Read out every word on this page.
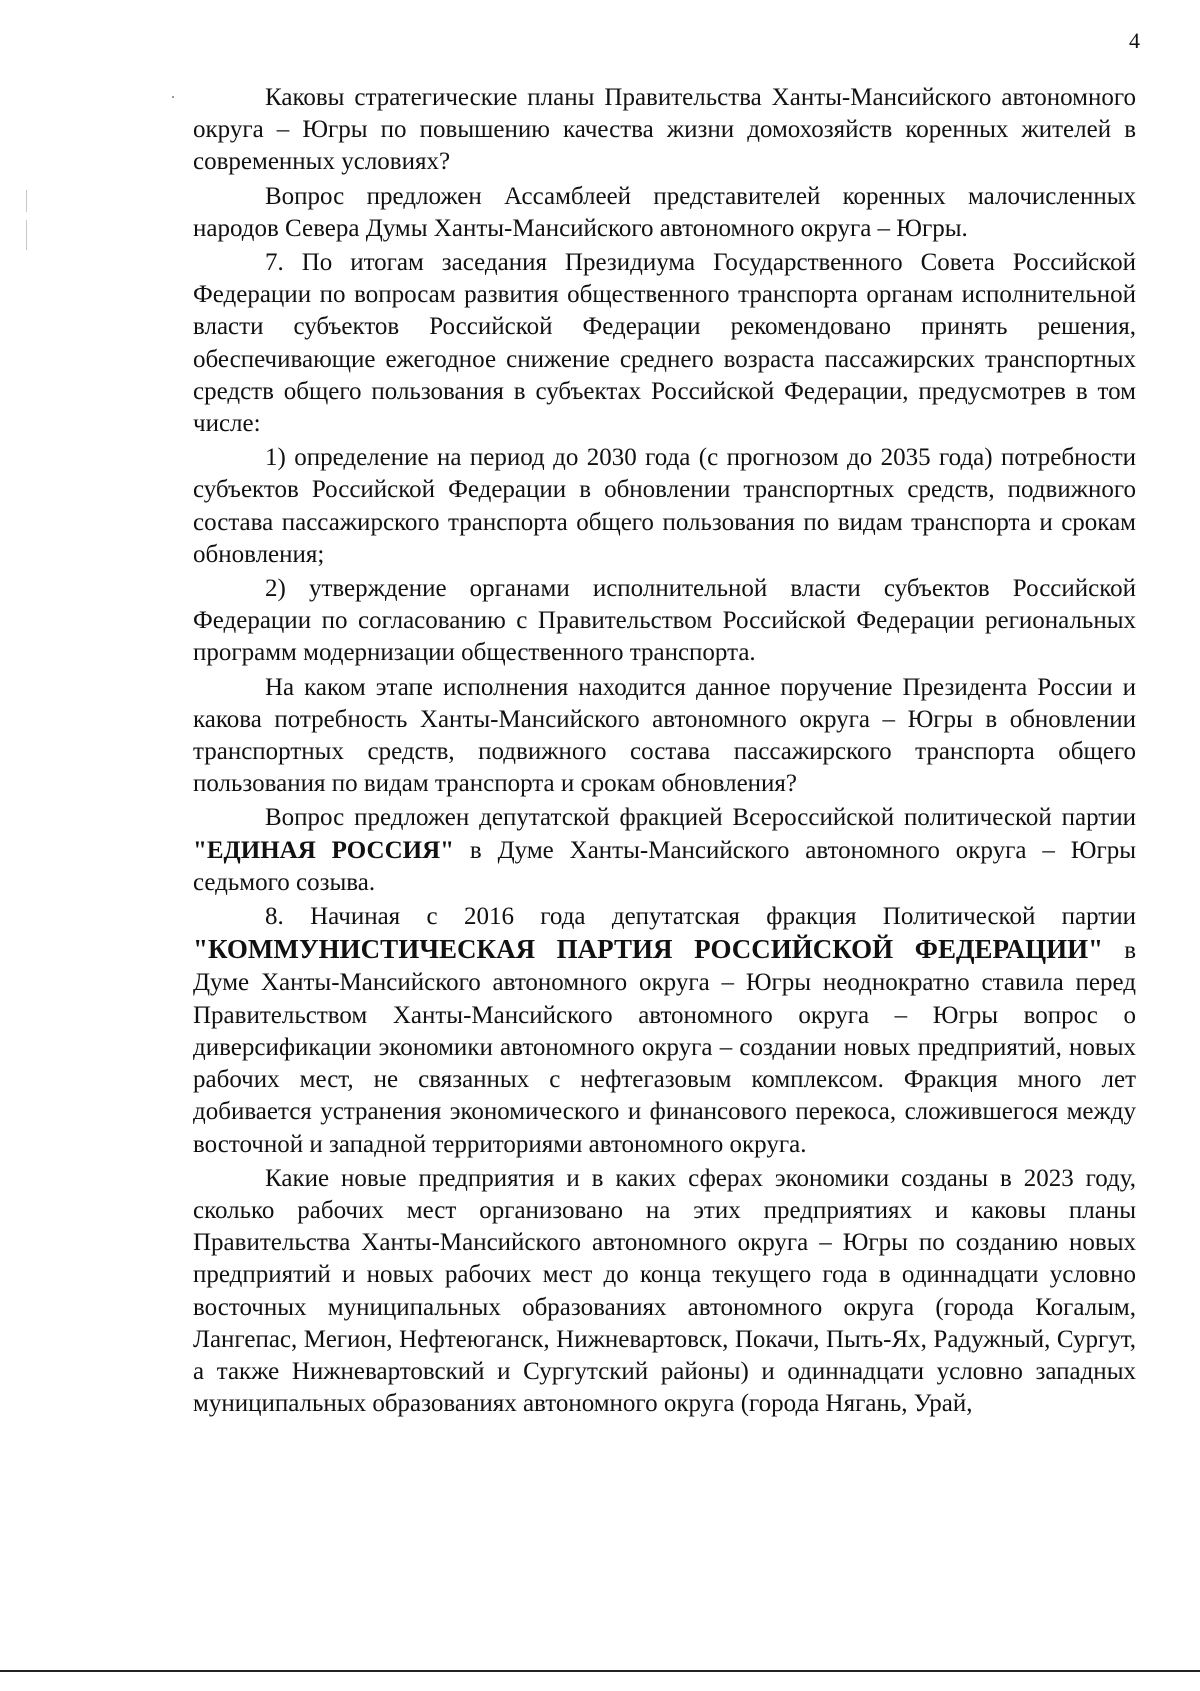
4

Каковы стратегические планы Правительства Ханты-Мансийского автономного округа – Югры по повышению качества жизни домохозяйств коренных жителей в современных условиях?

Вопрос предложен Ассамблеей представителей коренных малочисленных народов Севера Думы Ханты-Мансийского автономного округа – Югры.

7. По итогам заседания Президиума Государственного Совета Российской Федерации по вопросам развития общественного транспорта органам исполнительной власти субъектов Российской Федерации рекомендовано принять решения, обеспечивающие ежегодное снижение среднего возраста пассажирских транспортных средств общего пользования в субъектах Российской Федерации, предусмотрев в том числе:

1) определение на период до 2030 года (с прогнозом до 2035 года) потребности субъектов Российской Федерации в обновлении транспортных средств, подвижного состава пассажирского транспорта общего пользования по видам транспорта и срокам обновления;

2) утверждение органами исполнительной власти субъектов Российской Федерации по согласованию с Правительством Российской Федерации региональных программ модернизации общественного транспорта.

На каком этапе исполнения находится данное поручение Президента России и какова потребность Ханты-Мансийского автономного округа – Югры в обновлении транспортных средств, подвижного состава пассажирского транспорта общего пользования по видам транспорта и срокам обновления?

Вопрос предложен депутатской фракцией Всероссийской политической партии "ЕДИНАЯ РОССИЯ" в Думе Ханты-Мансийского автономного округа – Югры седьмого созыва.

8. Начиная с 2016 года депутатская фракция Политической партии "КОММУНИСТИЧЕСКАЯ ПАРТИЯ РОССИЙСКОЙ ФЕДЕРАЦИИ" в Думе Ханты-Мансийского автономного округа – Югры неоднократно ставила перед Правительством Ханты-Мансийского автономного округа – Югры вопрос о диверсификации экономики автономного округа – создании новых предприятий, новых рабочих мест, не связанных с нефтегазовым комплексом. Фракция много лет добивается устранения экономического и финансового перекоса, сложившегося между восточной и западной территориями автономного округа.

Какие новые предприятия и в каких сферах экономики созданы в 2023 году, сколько рабочих мест организовано на этих предприятиях и каковы планы Правительства Ханты-Мансийского автономного округа – Югры по созданию новых предприятий и новых рабочих мест до конца текущего года в одиннадцати условно восточных муниципальных образованиях автономного округа (города Когалым, Лангепас, Мегион, Нефтеюганск, Нижневартовск, Покачи, Пыть-Ях, Радужный, Сургут, а также Нижневартовский и Сургутский районы) и одиннадцати условно западных муниципальных образованиях автономного округа (города Нягань, Урай,
